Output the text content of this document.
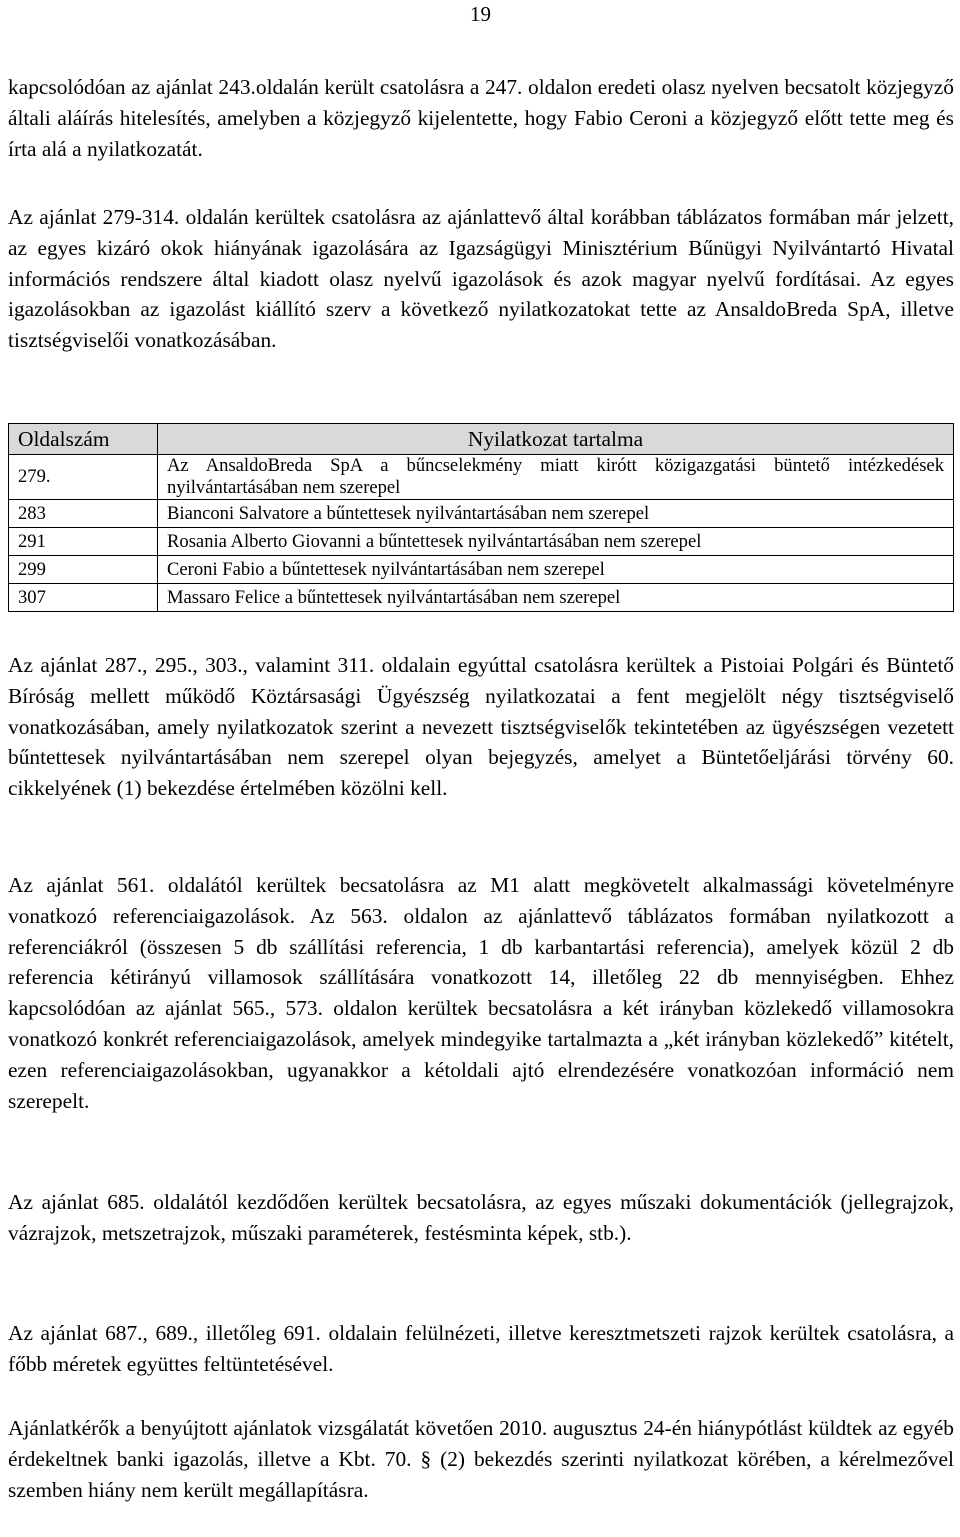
19

kapcsolódóan az ajánlat 243.oldalán került csatolásra a 247. oldalon eredeti olasz nyelven becsatolt közjegyző általi aláírás hitelesítés, amelyben a közjegyző kijelentette, hogy Fabio Ceroni a közjegyző előtt tette meg és írta alá a nyilatkozatát.

Az ajánlat 279-314. oldalán kerültek csatolásra az ajánlattevő által korábban táblázatos formában már jelzett, az egyes kizáró okok hiányának igazolására az Igazságügyi Minisztérium Bűnügyi Nyilvántartó Hivatal információs rendszere által kiadott olasz nyelvű igazolások és azok magyar nyelvű fordításai. Az egyes igazolásokban az igazolást kiállító szerv a következő nyilatkozatokat tette az AnsaldoBreda SpA, illetve tisztségviselői vonatkozásában.

Oldalszám	Nyilatkozat tartalma
279.	Az AnsaldoBreda SpA a bűncselekmény miatt kirótt közigazgatási büntető intézkedések nyilvántartásában nem szerepel
283	Bianconi Salvatore a bűntettesek nyilvántartásában nem szerepel
291	Rosania Alberto Giovanni a bűntettesek nyilvántartásában nem szerepel
299	Ceroni Fabio a bűntettesek nyilvántartásában nem szerepel
307	Massaro Felice a bűntettesek nyilvántartásában nem szerepel

Az ajánlat 287., 295., 303., valamint 311. oldalain egyúttal csatolásra kerültek a Pistoiai Polgári és Büntető Bíróság mellett működő Köztársasági Ügyészség nyilatkozatai a fent megjelölt négy tisztségviselő vonatkozásában, amely nyilatkozatok szerint a nevezett tisztségviselők tekintetében az ügyészségen vezetett bűntettesek nyilvántartásában nem szerepel olyan bejegyzés, amelyet a Büntetőeljárási törvény 60. cikkelyének (1) bekezdése értelmében közölni kell.

Az ajánlat 561. oldalától kerültek becsatolásra az M1 alatt megkövetelt alkalmassági követelményre vonatkozó referenciaigazolások. Az 563. oldalon az ajánlattevő táblázatos formában nyilatkozott a referenciákról (összesen 5 db szállítási referencia, 1 db karbantartási referencia), amelyek közül 2 db referencia kétirányú villamosok szállítására vonatkozott 14, illetőleg 22 db mennyiségben. Ehhez kapcsolódóan az ajánlat 565., 573. oldalon kerültek becsatolásra a két irányban közlekedő villamosokra vonatkozó konkrét referenciaigazolások, amelyek mindegyike tartalmazta a „két irányban közlekedő” kitételt, ezen referenciaigazolásokban, ugyanakkor a kétoldali ajtó elrendezésére vonatkozóan információ nem szerepelt.

Az ajánlat 685. oldalától kezdődően kerültek becsatolásra, az egyes műszaki dokumentációk (jellegrajzok, vázrajzok, metszetrajzok, műszaki paraméterek, festésminta képek, stb.).

Az ajánlat 687., 689., illetőleg 691. oldalain felülnézeti, illetve keresztmetszeti rajzok kerültek csatolásra, a főbb méretek együttes feltüntetésével.

Ajánlatkérők a benyújtott ajánlatok vizsgálatát követően 2010. augusztus 24-én hiánypótlást küldtek az egyéb érdekeltnek banki igazolás, illetve a Kbt. 70. § (2) bekezdés szerinti nyilatkozat körében, a kérelmezővel szemben hiány nem került megállapításra.
